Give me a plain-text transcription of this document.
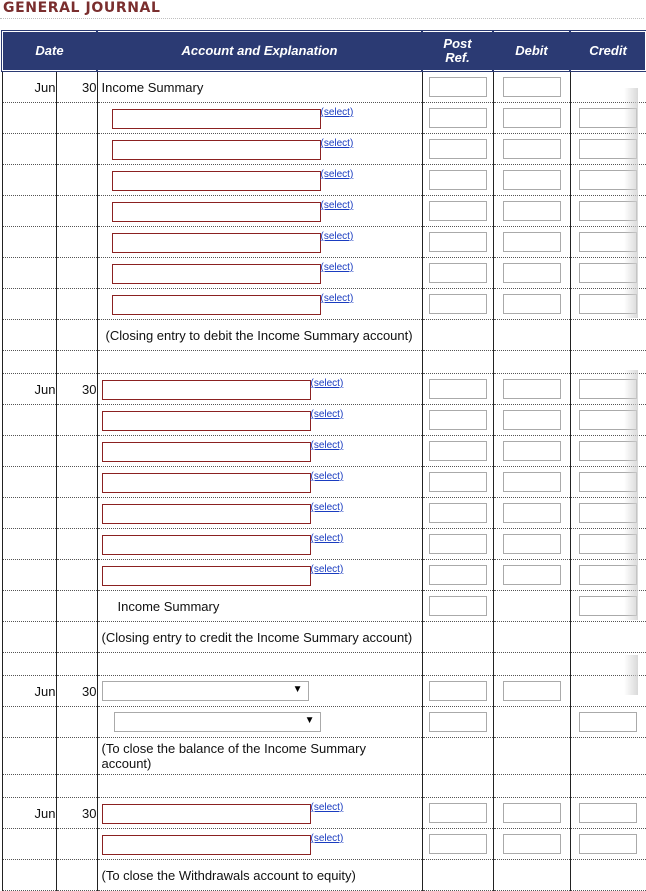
GENERAL JOURNAL
Date		Account and Explanation	Post Ref.	Debit	Credit
Jun	30	Income Summary			

		(select)			

		(select)			

		(select)			

		(select)			

		(select)			

		(select)			

		(select)			

		(Closing entry to debit the Income Summary account)			

Jun	30	(select)			

		(select)			

		(select)			

		(select)			

		(select)			

		(select)			

		(select)			

		Income Summary			

		(Closing entry to credit the Income Summary account)			

Jun	30	▼			

		▼			

		(To close the balance of the Income Summary account)			

Jun	30	(select)			

		(select)			

		(To close the Withdrawals account to equity)			
